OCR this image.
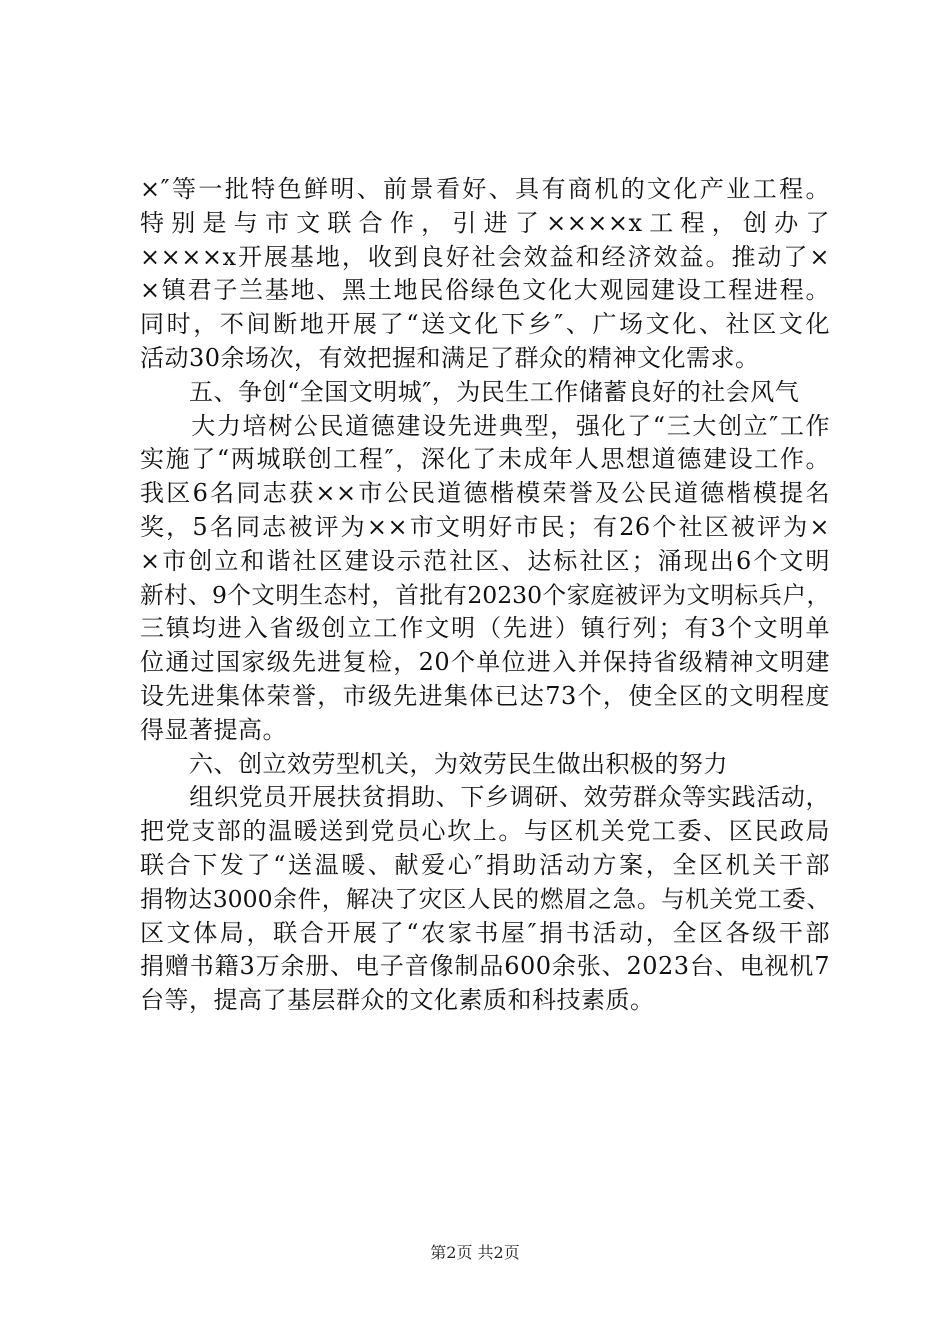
×″等一批特色鲜明、前景看好、具有商机的文化产业工程。
特别是与市文联合作，引进了××××x工程，创办了
××××x开展基地，收到良好社会效益和经济效益。推动了×
×镇君子兰基地、黑土地民俗绿色文化大观园建设工程进程。
同时，不间断地开展了“送文化下乡″、广场文化、社区文化
活动30余场次，有效把握和满足了群众的精神文化需求。
　　五、争创“全国文明城″，为民生工作储蓄良好的社会风气
　　大力培树公民道德建设先进典型，强化了“三大创立″工作
实施了“两城联创工程″，深化了未成年人思想道德建设工作。
我区6名同志获××市公民道德楷模荣誉及公民道德楷模提名
奖，5名同志被评为××市文明好市民；有26个社区被评为×
×市创立和谐社区建设示范社区、达标社区；涌现出6个文明
新村、9个文明生态村，首批有20230个家庭被评为文明标兵户，
三镇均进入省级创立工作文明（先进）镇行列；有3个文明单
位通过国家级先进复检，20个单位进入并保持省级精神文明建
设先进集体荣誉，市级先进集体已达73个，使全区的文明程度
得显著提高。
　　六、创立效劳型机关，为效劳民生做出积极的努力
　　组织党员开展扶贫捐助、下乡调研、效劳群众等实践活动，
把党支部的温暖送到党员心坎上。与区机关党工委、区民政局
联合下发了“送温暖、献爱心″捐助活动方案，全区机关干部
捐物达3000余件，解决了灾区人民的燃眉之急。与机关党工委、
区文体局，联合开展了“农家书屋″捐书活动，全区各级干部
捐赠书籍3万余册、电子音像制品600余张、2023台、电视机7
台等，提高了基层群众的文化素质和科技素质。
第2页 共2页
